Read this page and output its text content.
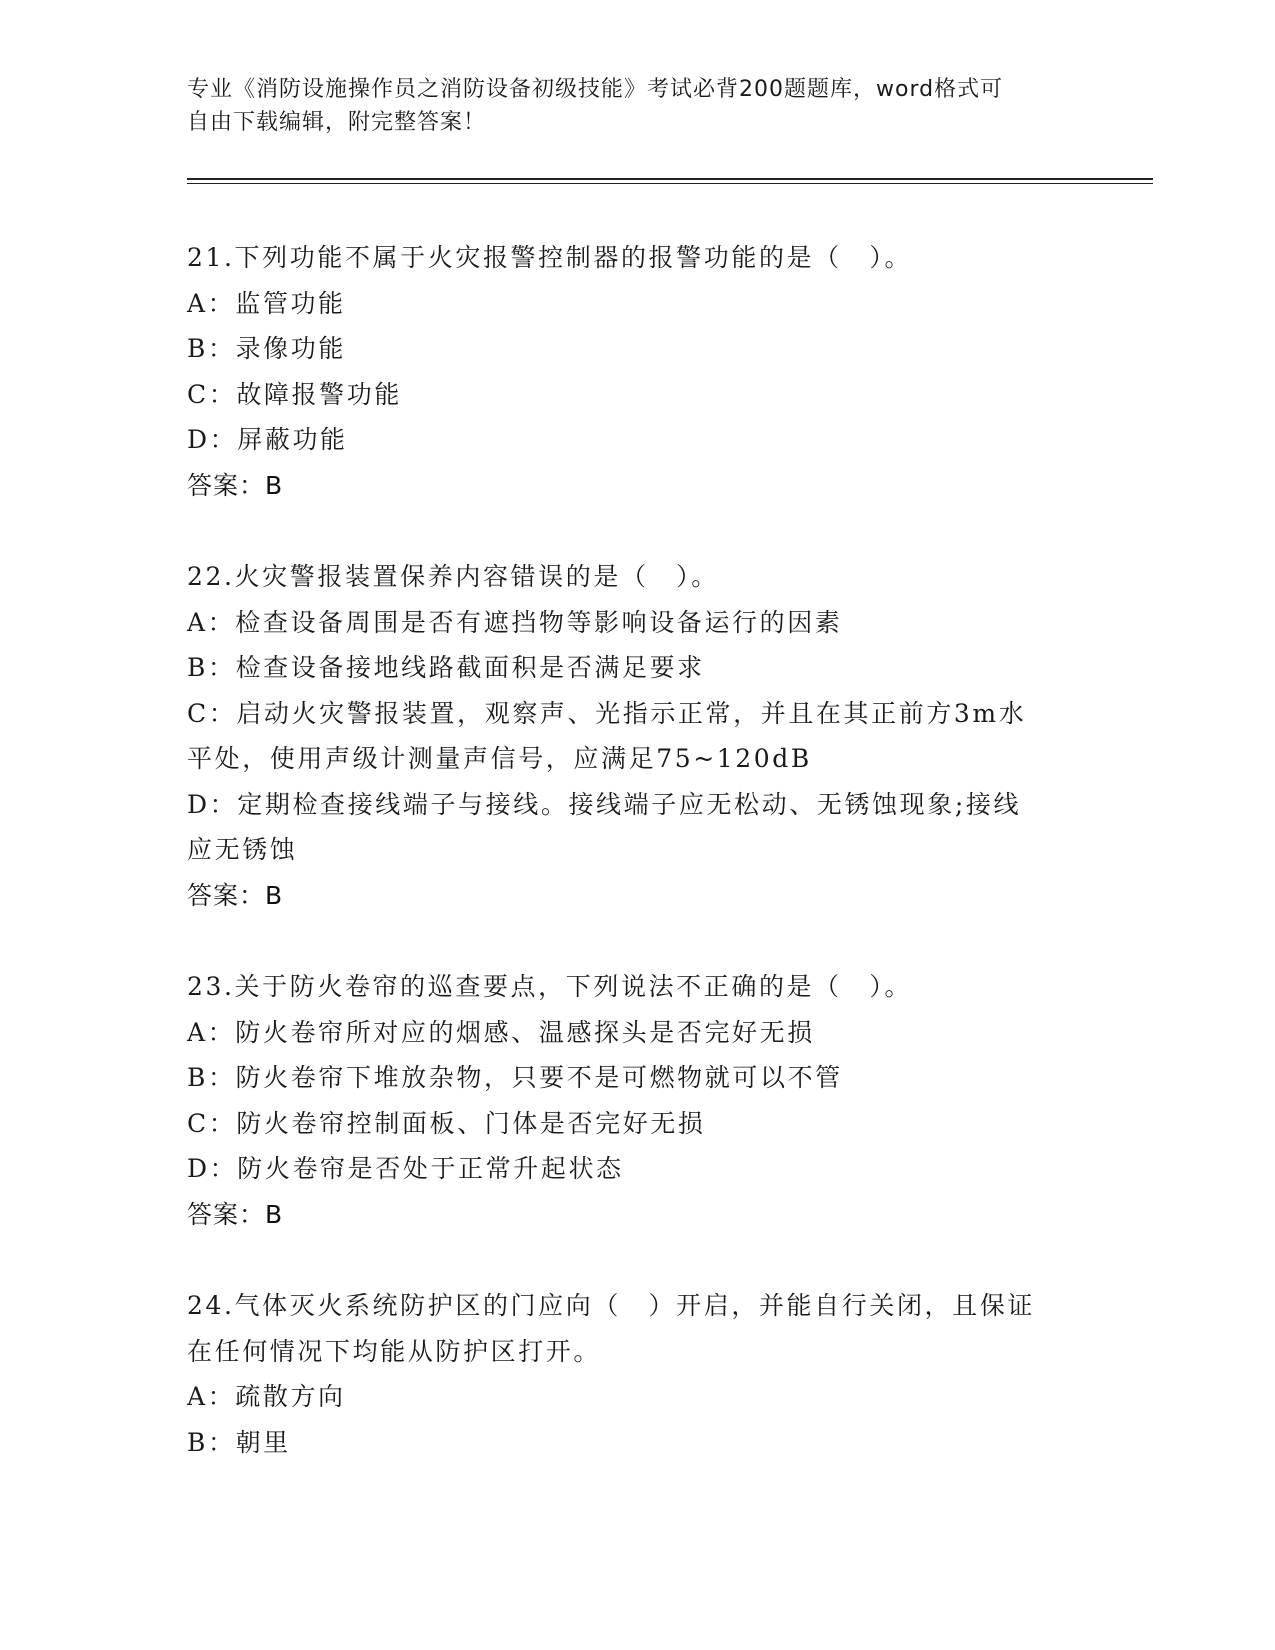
专业《消防设施操作员之消防设备初级技能》考试必背200题题库，word格式可
自由下载编辑，附完整答案！
21.下列功能不属于火灾报警控制器的报警功能的是（　）。
A：监管功能
B：录像功能
C：故障报警功能
D：屏蔽功能
答案：B
22.火灾警报装置保养内容错误的是（　）。
A：检查设备周围是否有遮挡物等影响设备运行的因素
B：检查设备接地线路截面积是否满足要求
C：启动火灾警报装置，观察声、光指示正常，并且在其正前方3m水
平处，使用声级计测量声信号，应满足75~120dB
D：定期检查接线端子与接线。接线端子应无松动、无锈蚀现象;接线
应无锈蚀
答案：B
23.关于防火卷帘的巡查要点，下列说法不正确的是（　）。
A：防火卷帘所对应的烟感、温感探头是否完好无损
B：防火卷帘下堆放杂物，只要不是可燃物就可以不管
C：防火卷帘控制面板、门体是否完好无损
D：防火卷帘是否处于正常升起状态
答案：B
24.气体灭火系统防护区的门应向（　）开启，并能自行关闭，且保证
在任何情况下均能从防护区打开。
A：疏散方向
B：朝里
